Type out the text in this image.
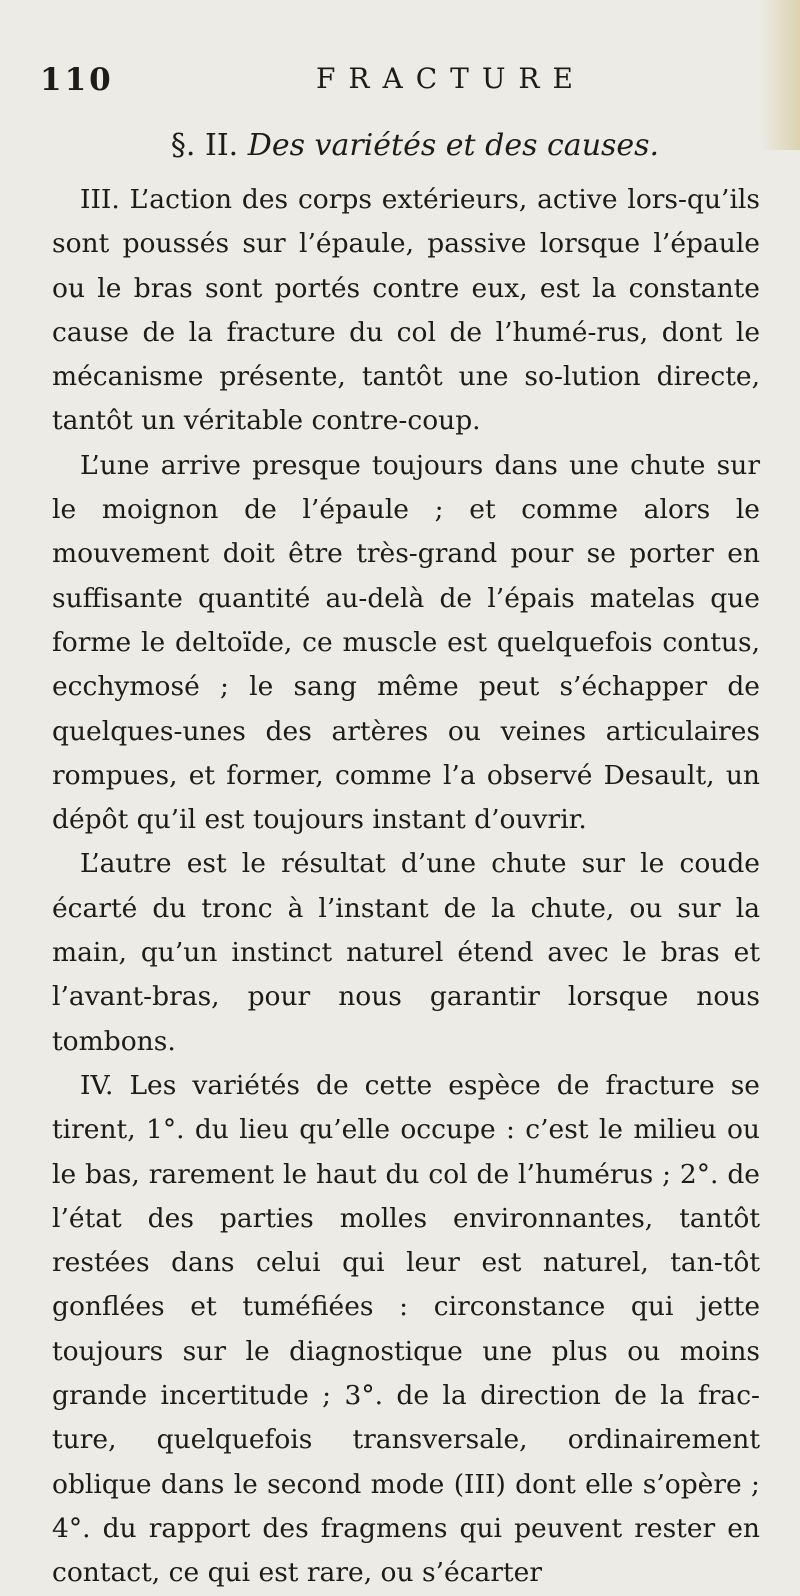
110	FRACTURE
§. II. Des variétés et des causes.

III. L’action des corps extérieurs, active lors-qu’ils sont poussés sur l’épaule, passive lorsque l’épaule ou le bras sont portés contre eux, est la constante cause de la fracture du col de l’humé-rus, dont le mécanisme présente, tantôt une so-lution directe, tantôt un véritable contre-coup.

L’une arrive presque toujours dans une chute sur le moignon de l’épaule ; et comme alors le mouvement doit être très-grand pour se porter en suffisante quantité au-delà de l’épais matelas que forme le deltoïde, ce muscle est quelquefois contus, ecchymosé ; le sang même peut s’échapper de quelques-unes des artères ou veines articulaires rompues, et former, comme l’a observé Desault, un dépôt qu’il est toujours instant d’ouvrir.

L’autre est le résultat d’une chute sur le coude écarté du tronc à l’instant de la chute, ou sur la main, qu’un instinct naturel étend avec le bras et l’avant-bras, pour nous garantir lorsque nous tombons.

IV. Les variétés de cette espèce de fracture se tirent, 1°. du lieu qu’elle occupe : c’est le milieu ou le bas, rarement le haut du col de l’humérus ; 2°. de l’état des parties molles environnantes, tantôt restées dans celui qui leur est naturel, tan-tôt gonflées et tuméfiées : circonstance qui jette toujours sur le diagnostique une plus ou moins grande incertitude ; 3°. de la direction de la frac-ture, quelquefois transversale, ordinairement oblique dans le second mode (III) dont elle s’opère ; 4°. du rapport des fragmens qui peuvent rester en contact, ce qui est rare, ou s’écarter
